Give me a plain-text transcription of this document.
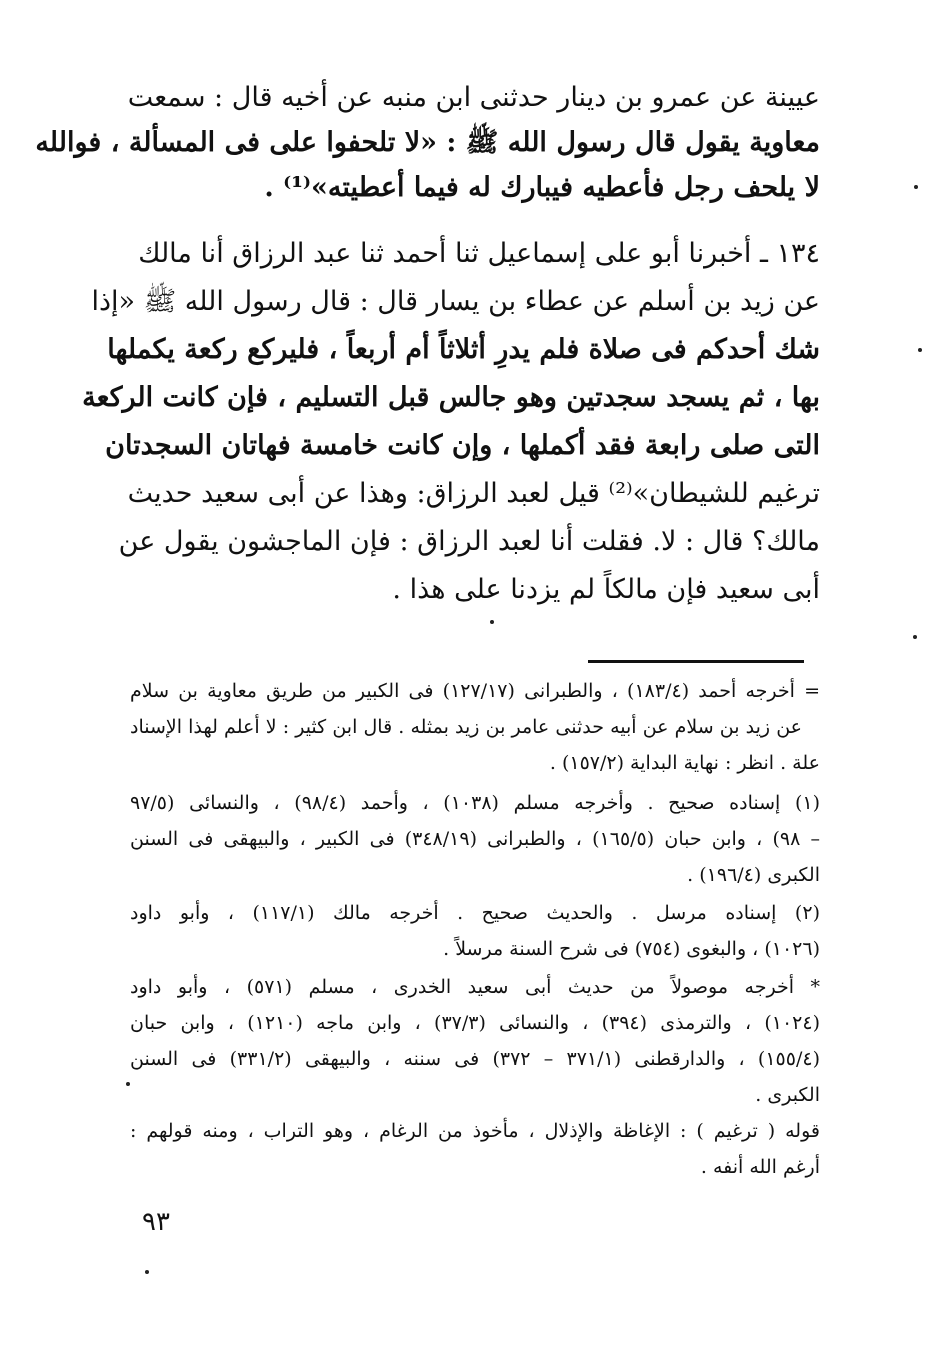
عيينة عن عمرو بن دينار حدثنى ابن منبه عن أخيه قال : سمعت
معاوية يقول قال رسول الله ﷺ : «لا تلحفوا على فى المسألة ، فوالله
لا يلحف رجل فأعطيه فيبارك له فيما أعطيته»⁽¹⁾ .
١٣٤ ـ أخبرنا أبو على إسماعيل ثنا أحمد ثنا عبد الرزاق أنا مالك
عن زيد بن أسلم عن عطاء بن يسار قال : قال رسول الله ﷺ «إذا
شك أحدكم فى صلاة فلم يدرِ أثلاثاً أم أربعاً ، فليركع ركعة يكملها
بها ، ثم يسجد سجدتين وهو جالس قبل التسليم ، فإن كانت الركعة
التى صلى رابعة فقد أكملها ، وإن كانت خامسة فهاتان السجدتان
ترغيم للشيطان»⁽²⁾ قيل لعبد الرزاق: وهذا عن أبى سعيد حديث
مالك؟ قال : لا. فقلت أنا لعبد الرزاق : فإن الماجشون يقول عن
أبى سعيد فإن مالكاً لم يزدنا على هذا .
= أخرجه أحمد (١٨٣/٤) ، والطبرانى (١٢٧/١٧) فى الكبير من طريق معاوية بن سلام
عن زيد بن سلام عن أبيه حدثنى عامر بن زيد بمثله . قال ابن كثير : لا أعلم لهذا الإسناد
علة . انظر : نهاية البداية (١٥٧/٢) .
(١) إسناده صحيح . وأخرجه مسلم (١٠٣٨) ، وأحمد (٩٨/٤) ، والنسائى (٩٧/٥
– ٩٨) ، وابن حبان (١٦٥/٥) ، والطبرانى (٣٤٨/١٩) فى الكبير ، والبيهقى فى السنن
الكبرى (١٩٦/٤) .
(٢) إسناده مرسل . والحديث صحيح . أخرجه مالك (١١٧/١) ، وأبو داود
(١٠٢٦) ، والبغوى (٧٥٤) فى شرح السنة مرسلاً .
* أخرجه موصولاً من حديث أبى سعيد الخدرى ، مسلم (٥٧١) ، وأبو داود
(١٠٢٤) ، والترمذى (٣٩٤) ، والنسائى (٣٧/٣) ، وابن ماجه (١٢١٠) ، وابن حبان
(١٥٥/٤) ، والدارقطنى (٣٧١/١ – ٣٧٢) فى سننه ، والبيهقى (٣٣١/٢) فى السنن
الكبرى .
قوله ( ترغيم ) : الإغاظة والإذلال ، مأخوذ من الرغام ، وهو التراب ، ومنه قولهم :
أرغم الله أنفه .
٩٣
